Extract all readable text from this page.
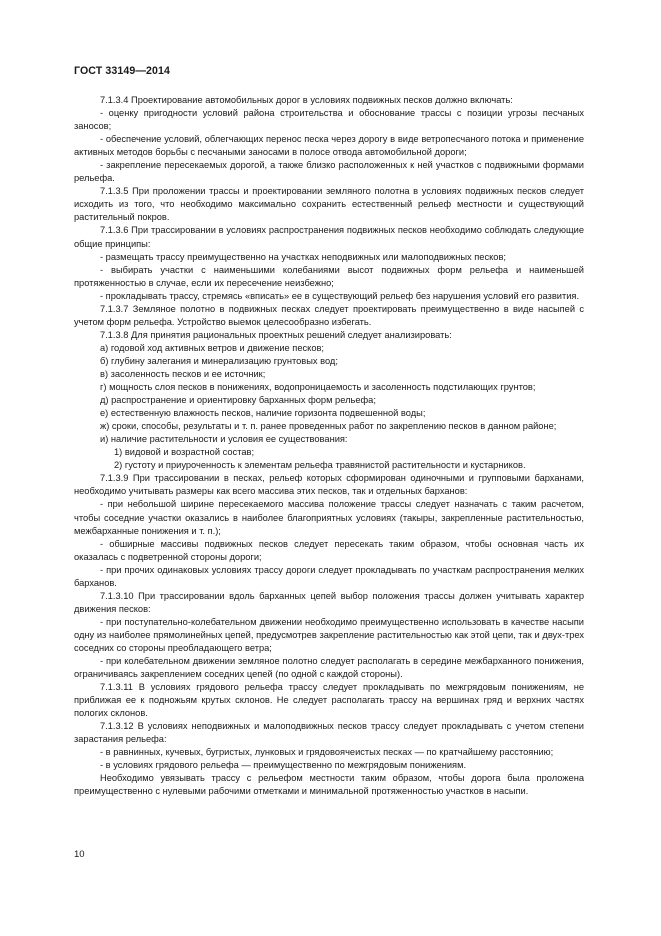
ГОСТ 33149—2014

7.1.3.4 Проектирование автомобильных дорог в условиях подвижных песков должно включать:

- оценку пригодности условий района строительства и обоснование трассы с позиции угрозы песчаных заносов;

- обеспечение условий, облегчающих перенос песка через дорогу в виде ветропесчаного потока и применение активных методов борьбы с песчаными заносами в полосе отвода автомобильной дороги;

- закрепление пересекаемых дорогой, а также близко расположенных к ней участков с подвижными формами рельефа.

7.1.3.5 При проложении трассы и проектировании земляного полотна в условиях подвижных песков следует исходить из того, что необходимо максимально сохранить естественный рельеф местности и существующий растительный покров.

7.1.3.6 При трассировании в условиях распространения подвижных песков необходимо соблюдать следующие общие принципы:

- размещать трассу преимущественно на участках неподвижных или малоподвижных песков;

- выбирать участки с наименьшими колебаниями высот подвижных форм рельефа и наименьшей протяженностью в случае, если их пересечение неизбежно;

- прокладывать трассу, стремясь «вписать» ее в существующий рельеф без нарушения условий его развития.

7.1.3.7 Земляное полотно в подвижных песках следует проектировать преимущественно в виде насыпей с учетом форм рельефа. Устройство выемок целесообразно избегать.

7.1.3.8 Для принятия рациональных проектных решений следует анализировать:

а) годовой ход активных ветров и движение песков;

б) глубину залегания и минерализацию грунтовых вод;

в) засоленность песков и ее источник;

г) мощность слоя песков в понижениях, водопроницаемость и засоленность подстилающих грунтов;

д) распространение и ориентировку барханных форм рельефа;

е) естественную влажность песков, наличие горизонта подвешенной воды;

ж) сроки, способы, результаты и т. п. ранее проведенных работ по закреплению песков в данном районе;

и) наличие растительности и условия ее существования:

1) видовой и возрастной состав;

2) густоту и приуроченность к элементам рельефа травянистой растительности и кустарников.

7.1.3.9 При трассировании в песках, рельеф которых сформирован одиночными и групповыми барханами, необходимо учитывать размеры как всего массива этих песков, так и отдельных барханов:

- при небольшой ширине пересекаемого массива положение трассы следует назначать с таким расчетом, чтобы соседние участки оказались в наиболее благоприятных условиях (такыры, закрепленные растительностью, межбарханные понижения и т. п.);

- обширные массивы подвижных песков следует пересекать таким образом, чтобы основная часть их оказалась с подветренной стороны дороги;

- при прочих одинаковых условиях трассу дороги следует прокладывать по участкам распространения мелких барханов.

7.1.3.10 При трассировании вдоль барханных цепей выбор положения трассы должен учитывать характер движения песков:

- при поступательно-колебательном движении необходимо преимущественно использовать в качестве насыпи одну из наиболее прямолинейных цепей, предусмотрев закрепление растительностью как этой цепи, так и двух-трех соседних со стороны преобладающего ветра;

- при колебательном движении земляное полотно следует располагать в середине межбарханного понижения, ограничиваясь закреплением соседних цепей (по одной с каждой стороны).

7.1.3.11 В условиях грядового рельефа трассу следует прокладывать по межгрядовым понижениям, не приближая ее к подножьям крутых склонов. Не следует располагать трассу на вершинах гряд и верхних частях пологих склонов.

7.1.3.12 В условиях неподвижных и малоподвижных песков трассу следует прокладывать с учетом степени зарастания рельефа:

- в равнинных, кучевых, бугристых, лунковых и грядовоячеистых песках — по кратчайшему расстоянию;

- в условиях грядового рельефа — преимущественно по межгрядовым понижениям.

Необходимо увязывать трассу с рельефом местности таким образом, чтобы дорога была проложена преимущественно с нулевыми рабочими отметками и минимальной протяженностью участков в насыпи.

10
